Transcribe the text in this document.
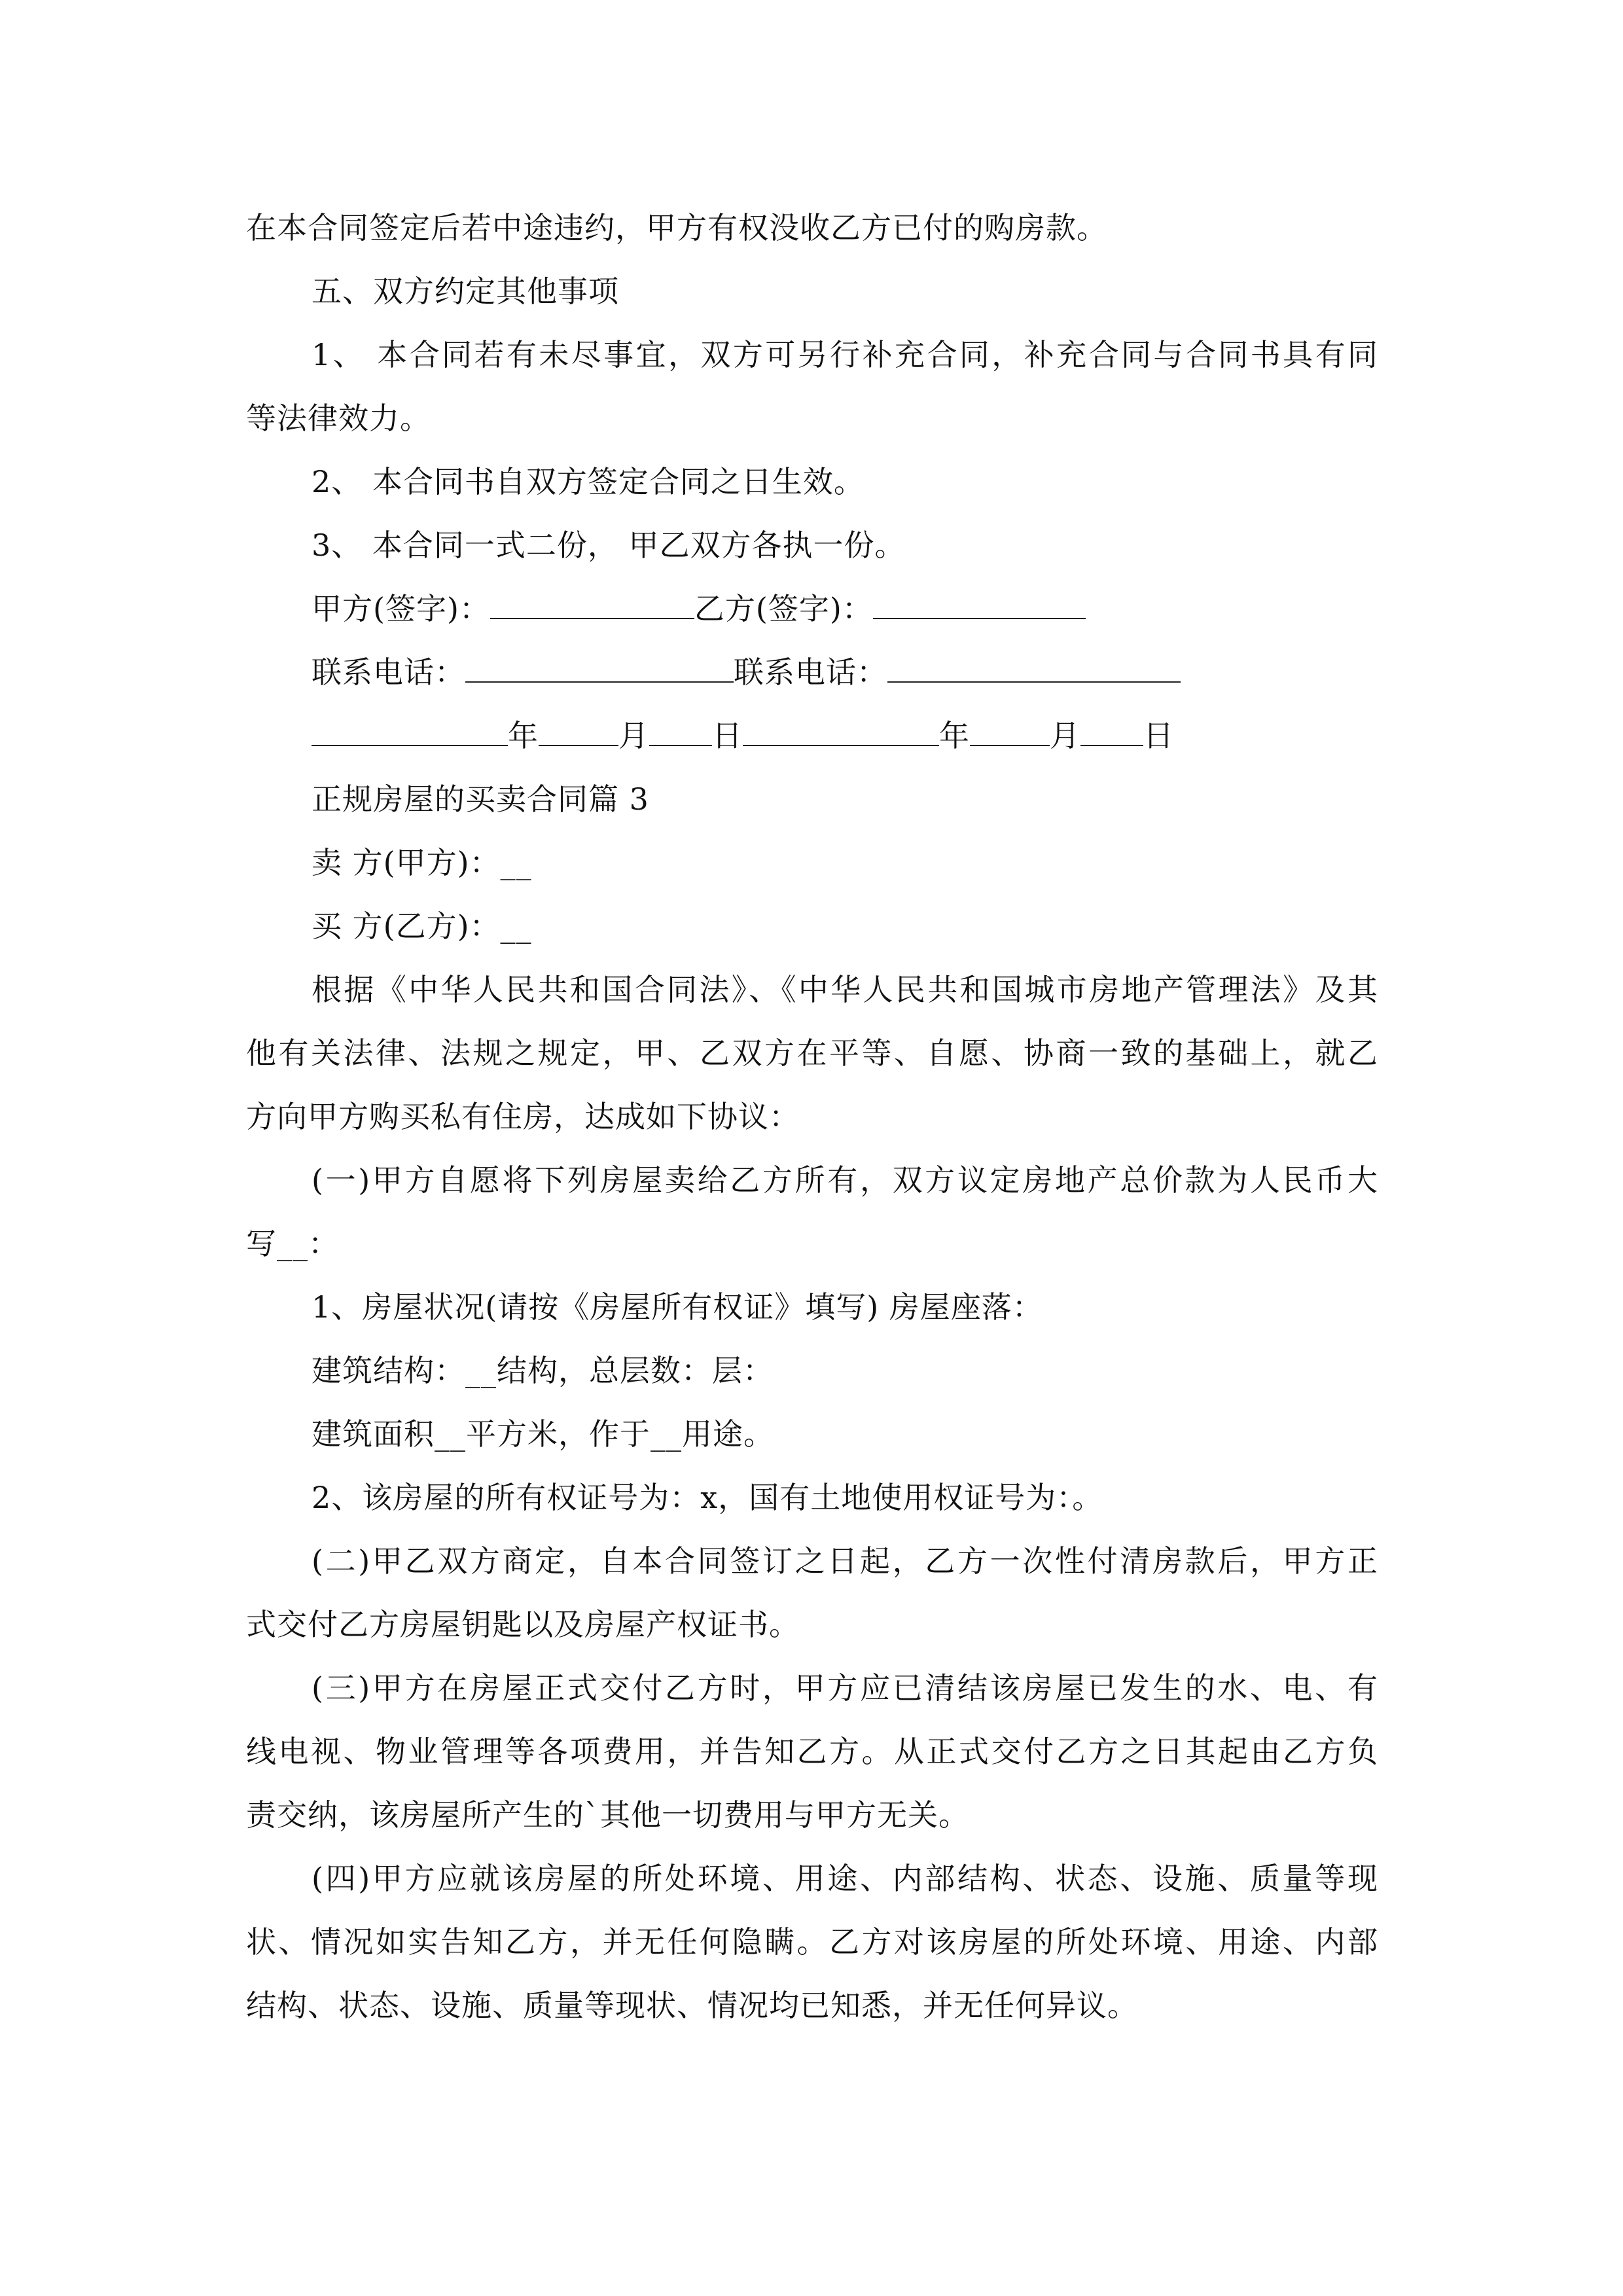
在本合同签定后若中途违约，甲方有权没收乙方已付的购房款。
五、双方约定其他事项
1、 本合同若有未尽事宜，双方可另行补充合同，补充合同与合同书具有同
等法律效力。
2、 本合同书自双方签定合同之日生效。
3、 本合同一式二份， 甲乙双方各执一份。
甲方(签字)：	乙方(签字)：
联系电话：	联系电话：
年	月 日	年	月 日
正规房屋的买卖合同篇 3
卖 方(甲方)：__
买 方(乙方)：__
根据《中华人民共和国合同法》、《中华人民共和国城市房地产管理法》及其
他有关法律、法规之规定，甲、乙双方在平等、自愿、协商一致的基础上，就乙
方向甲方购买私有住房，达成如下协议：
(一)甲方自愿将下列房屋卖给乙方所有，双方议定房地产总价款为人民币大
写__：
1、房屋状况(请按《房屋所有权证》填写) 房屋座落：
建筑结构：__结构，总层数：层：
建筑面积__平方米，作于__用途。
2、该房屋的所有权证号为：x，国有土地使用权证号为：。
(二)甲乙双方商定，自本合同签订之日起，乙方一次性付清房款后，甲方正
式交付乙方房屋钥匙以及房屋产权证书。
(三)甲方在房屋正式交付乙方时，甲方应已清结该房屋已发生的水、电、有
线电视、物业管理等各项费用，并告知乙方。从正式交付乙方之日其起由乙方负
责交纳，该房屋所产生的`其他一切费用与甲方无关。
(四)甲方应就该房屋的所处环境、用途、内部结构、状态、设施、质量等现
状、情况如实告知乙方，并无任何隐瞒。乙方对该房屋的所处环境、用途、内部
结构、状态、设施、质量等现状、情况均已知悉，并无任何异议。
